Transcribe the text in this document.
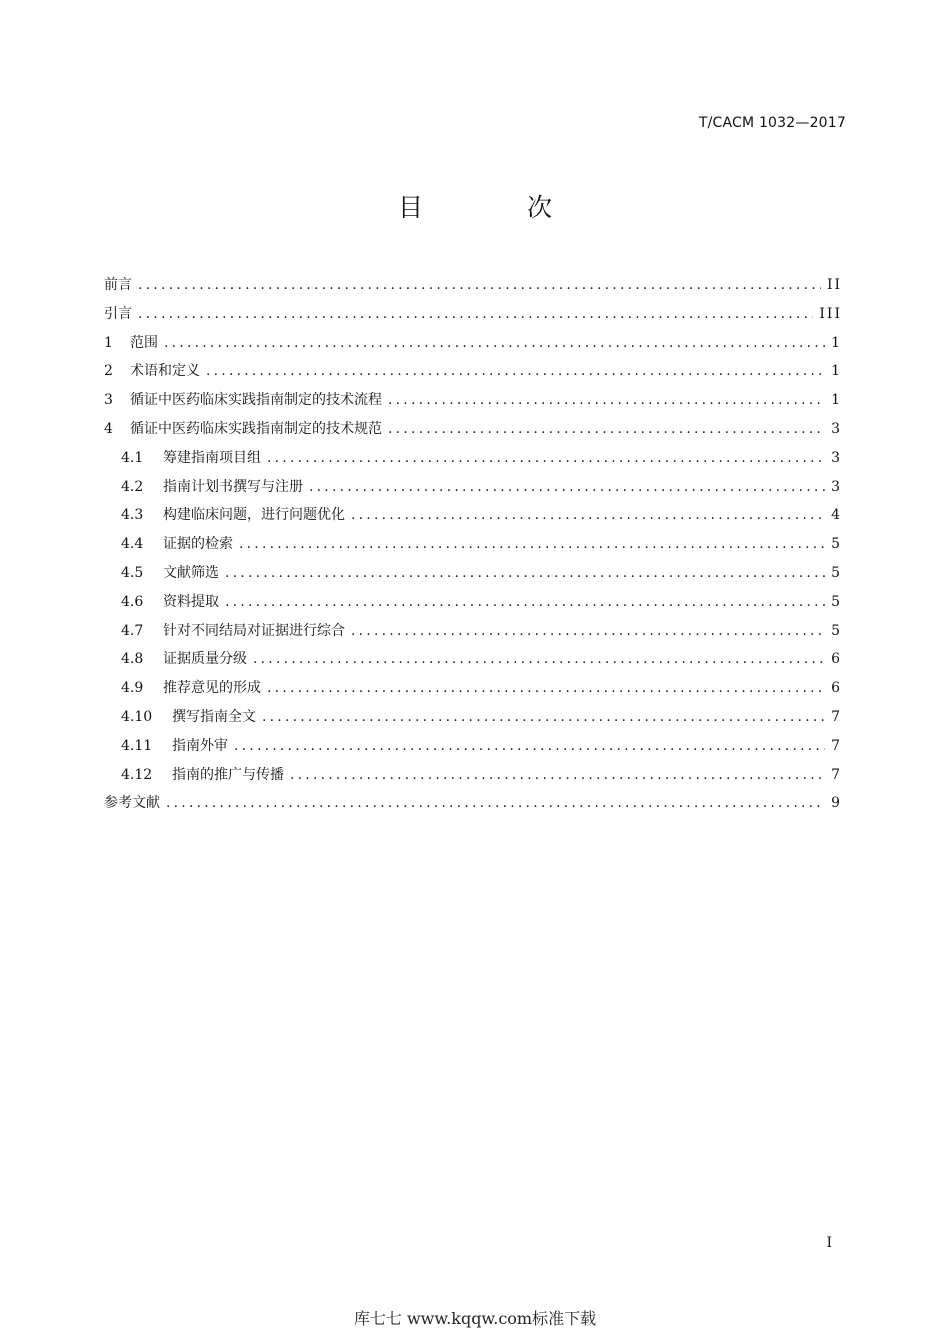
T/CACM 1032—2017
目 次
前言 .....	II
引言 .....	III
1	范围 .....	1
2	术语和定义 .....	1
3	循证中医药临床实践指南制定的技术流程 .....	1
4	循证中医药临床实践指南制定的技术规范 .....	3
4.1	筹建指南项目组 .....	3
4.2	指南计划书撰写与注册 .....	3
4.3	构建临床问题，进行问题优化 .....	4
4.4	证据的检索 .....	5
4.5	文献筛选 .....	5
4.6	资料提取 .....	5
4.7	针对不同结局对证据进行综合 .....	5
4.8	证据质量分级 .....	6
4.9	推荐意见的形成 .....	6
4.10	撰写指南全文 .....	7
4.11	指南外审 .....	7
4.12	指南的推广与传播 .....	7
参考文献 .....	9
I
库七七 www.kqqw.com标准下载
